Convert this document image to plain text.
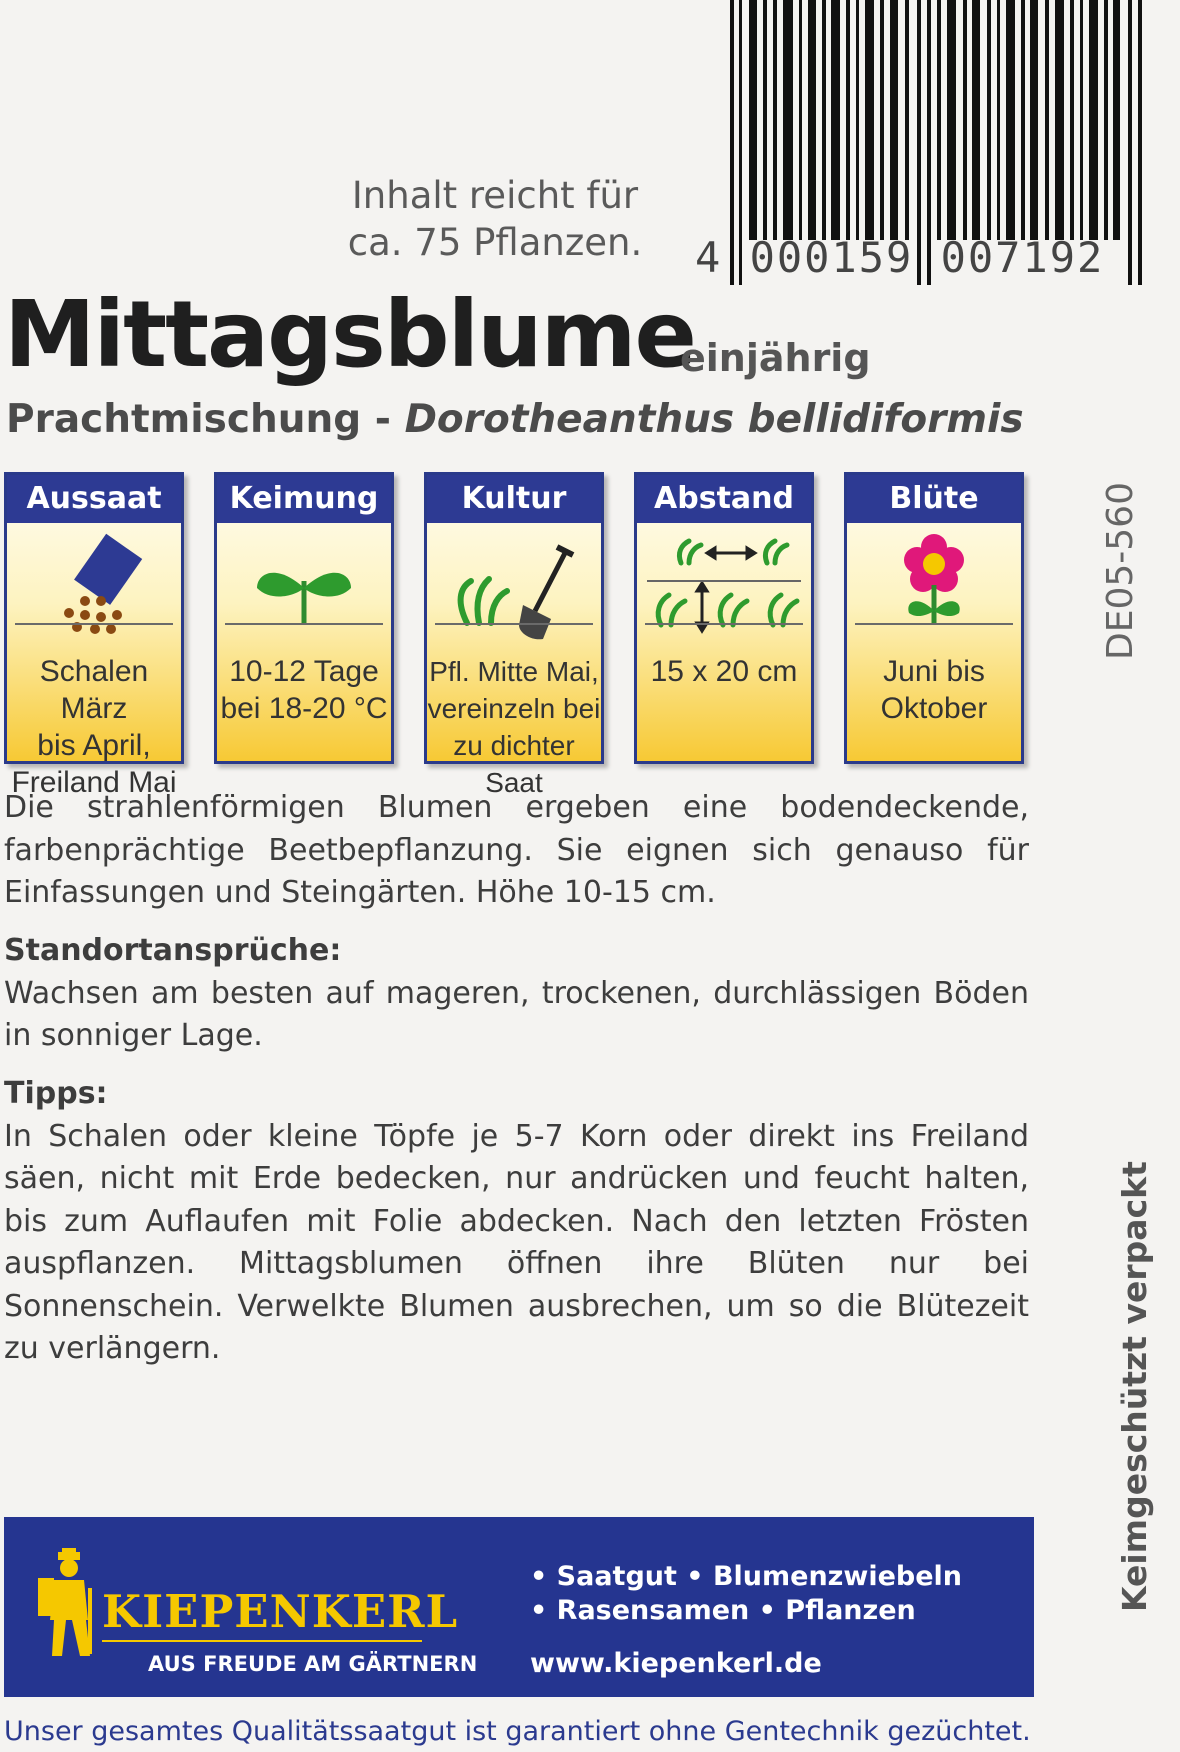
Inhalt reicht für
ca. 75 Pflanzen. 4 000159 007192
Mittagsblume
einjährig
Prachtmischung - Dorotheanthus bellidiformis
Aussaat
Schalen März
bis April,
Freiland Mai
Keimung
10-12 Tage
bei 18-20 °C
Kultur
Pfl. Mitte Mai,
vereinzeln bei
zu dichter Saat
Abstand
15 x 20 cm
Blüte
Juni bis
Oktober
DE05-560
Keimgeschützt verpackt
Die strahlenförmigen Blumen ergeben eine bodendeckende, farbenprächtige Beetbepflanzung. Sie eignen sich genauso für Einfassungen und Steingärten. Höhe 10-15 cm.
Standortansprüche:
Wachsen am besten auf mageren, trockenen, durchlässigen Böden in sonniger Lage.
Tipps:
In Schalen oder kleine Töpfe je 5-7 Korn oder direkt ins Freiland säen, nicht mit Erde bedecken, nur andrücken und feucht halten, bis zum Auflaufen mit Folie abdecken. Nach den letzten Frösten auspflanzen. Mittagsblumen öffnen ihre Blüten nur bei Sonnenschein. Verwelkte Blumen ausbrechen, um so die Blütezeit zu verlängern.
KIEPENKERL
AUS FREUDE AM GÄRTNERN
• Saatgut • Blumenzwiebeln
• Rasensamen • Pflanzen
www.kiepenkerl.de
Unser gesamtes Qualitätssaatgut ist garantiert ohne Gentechnik gezüchtet.
